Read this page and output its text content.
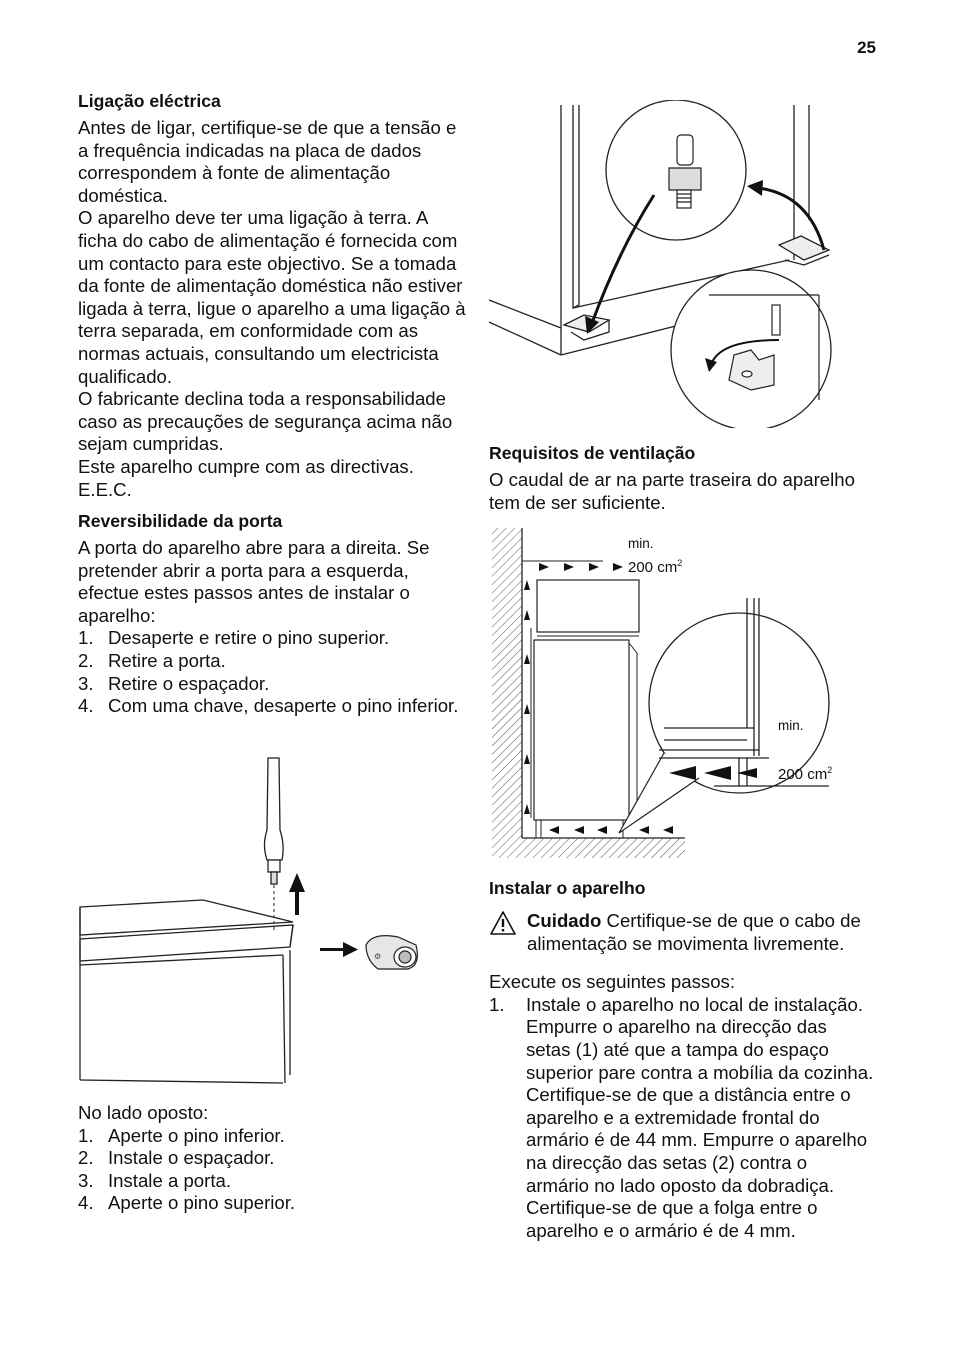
25
Ligação eléctrica

Antes de ligar, certifique-se de que a tensão e a frequência indicadas na placa de dados correspondem à fonte de alimentação doméstica.

O aparelho deve ter uma ligação à terra. A ficha do cabo de alimentação é fornecida com um contacto para este objectivo. Se a tomada da fonte de alimentação doméstica não estiver ligada à terra, ligue o aparelho a uma ligação à terra separada, em conformidade com as normas actuais, consultando um electricista qualificado.

O fabricante declina toda a responsabilidade caso as precauções de segurança acima não sejam cumpridas.

Este aparelho cumpre com as directivas. E.E.C.

Reversibilidade da porta

A porta do aparelho abre para a direita. Se pretender abrir a porta para a esquerda, efectue estes passos antes de instalar o aparelho:

1. Desaperte e retire o pino superior.
2. Retire a porta.
3. Retire o espaçador.
4. Com uma chave, desaperte o pino inferior.
⚙

No lado oposto:

1. Aperte o pino inferior.
2. Instale o espaçador.
3. Instale a porta.
4. Aperte o pino superior.
Requisitos de ventilação

O caudal de ar na parte traseira do aparelho tem de ser suficiente.

min.
200 $cm^2$
min.
200 $cm^2$
Instalar o aparelho

Cuidado Certifique-se de que o cabo de alimentação se movimenta livremente.

Execute os seguintes passos:

1. Instale o aparelho no local de instalação. Empurre o aparelho na direcção das setas (1) até que a tampa do espaço superior pare contra a mobília da cozinha. Certifique-se de que a distância entre o aparelho e a extremidade frontal do armário é de 44 mm. Empurre o aparelho na direcção das setas (2) contra o armário no lado oposto da dobradiça. Certifique-se de que a folga entre o aparelho e o armário é de 4 mm.
